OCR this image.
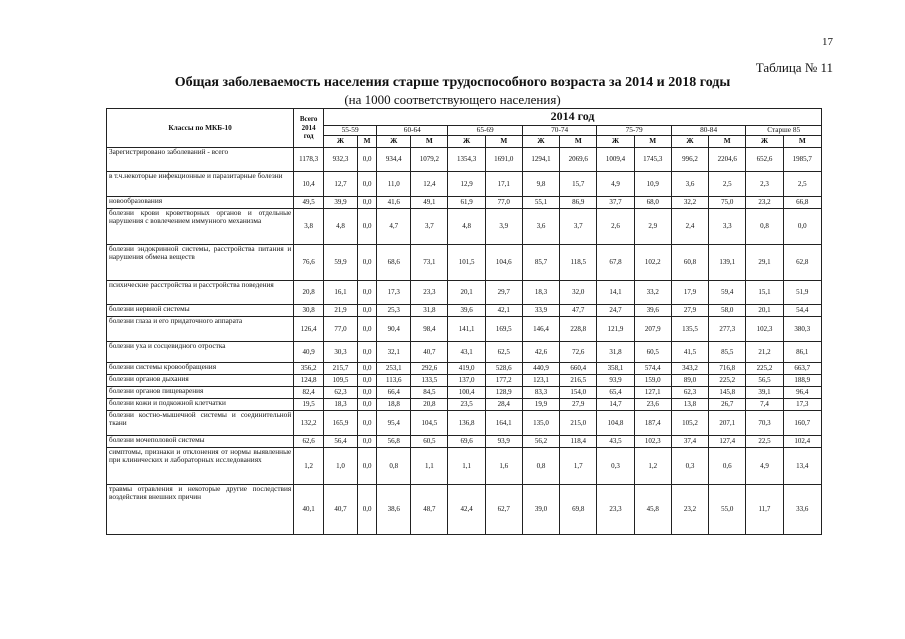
17
Таблица № 11
Общая заболеваемость населения старше трудоспособного возраста за 2014 и 2018 годы
(на 1000 соответствующего населения)
Классы по МКБ-10	Всего
2014
год	2014 год													
		55-59		60-64		65-69		70-74		75-79		80-84		Старше 85	
		Ж	М	Ж	М	Ж	М	Ж	М	Ж	М	Ж	М	Ж	М
Зарегистрировано заболеваний - всего	1178,3	932,3	0,0	934,4	1079,2	1354,3	1691,0	1294,1	2069,6	1009,4	1745,3	996,2	2204,6	652,6	1985,7
в т.ч.некоторые инфекционные и паразитарные болезни	10,4	12,7	0,0	11,0	12,4	12,9	17,1	9,8	15,7	4,9	10,9	3,6	2,5	2,3	2,5
новообразования	49,5	39,9	0,0	41,6	49,1	61,9	77,0	55,1	86,9	37,7	68,0	32,2	75,0	23,2	66,8
болезни крови кроветворных органов и отдельные нарушения с вовлечением иммунного механизма	3,8	4,8	0,0	4,7	3,7	4,8	3,9	3,6	3,7	2,6	2,9	2,4	3,3	0,8	0,0
болезни эндокринной системы, расстройства питания и нарушения обмена веществ	76,6	59,9	0,0	68,6	73,1	101,5	104,6	85,7	118,5	67,8	102,2	60,8	139,1	29,1	62,8
психические расстройства и расстройства поведения	20,8	16,1	0,0	17,3	23,3	20,1	29,7	18,3	32,0	14,1	33,2	17,9	59,4	15,1	51,9
болезни нервной системы	30,8	21,9	0,0	25,3	31,8	39,6	42,1	33,9	47,7	24,7	39,6	27,9	58,0	20,1	54,4
болезни глаза и его придаточного аппарата	126,4	77,0	0,0	90,4	98,4	141,1	169,5	146,4	228,8	121,9	207,9	135,5	277,3	102,3	380,3
болезни уха и сосцевидного отростка	40,9	30,3	0,0	32,1	40,7	43,1	62,5	42,6	72,6	31,8	60,5	41,5	85,5	21,2	86,1
болезни системы кровообращения	356,2	215,7	0,0	253,1	292,6	419,0	528,6	440,9	660,4	358,1	574,4	343,2	716,8	225,2	663,7
болезни органов дыхания	124,8	109,5	0,0	113,6	133,5	137,0	177,2	123,1	216,5	93,9	159,0	89,0	225,2	56,5	188,9
болезни органов пищеварения	82,4	62,3	0,0	66,4	84,5	100,4	128,9	83,3	154,0	65,4	127,1	62,3	145,8	39,1	96,4
болезни кожи и подкожной клетчатки	19,5	18,3	0,0	18,8	20,8	23,5	28,4	19,9	27,9	14,7	23,6	13,8	26,7	7,4	17,3
болезни костно-мышечной системы и соединительной ткани	132,2	165,9	0,0	95,4	104,5	136,8	164,1	135,0	215,0	104,8	187,4	105,2	207,1	70,3	160,7
болезни мочеполовой системы	62,6	56,4	0,0	56,8	60,5	69,6	93,9	56,2	118,4	43,5	102,3	37,4	127,4	22,5	102,4
симптомы, признаки и отклонения от нормы выявленные при клинических и лабораторных исследованиях	1,2	1,0	0,0	0,8	1,1	1,1	1,6	0,8	1,7	0,3	1,2	0,3	0,6	4,9	13,4
травмы отравления и некоторые другие последствия воздействия внешних причин	40,1	40,7	0,0	38,6	48,7	42,4	62,7	39,0	69,8	23,3	45,8	23,2	55,0	11,7	33,6
